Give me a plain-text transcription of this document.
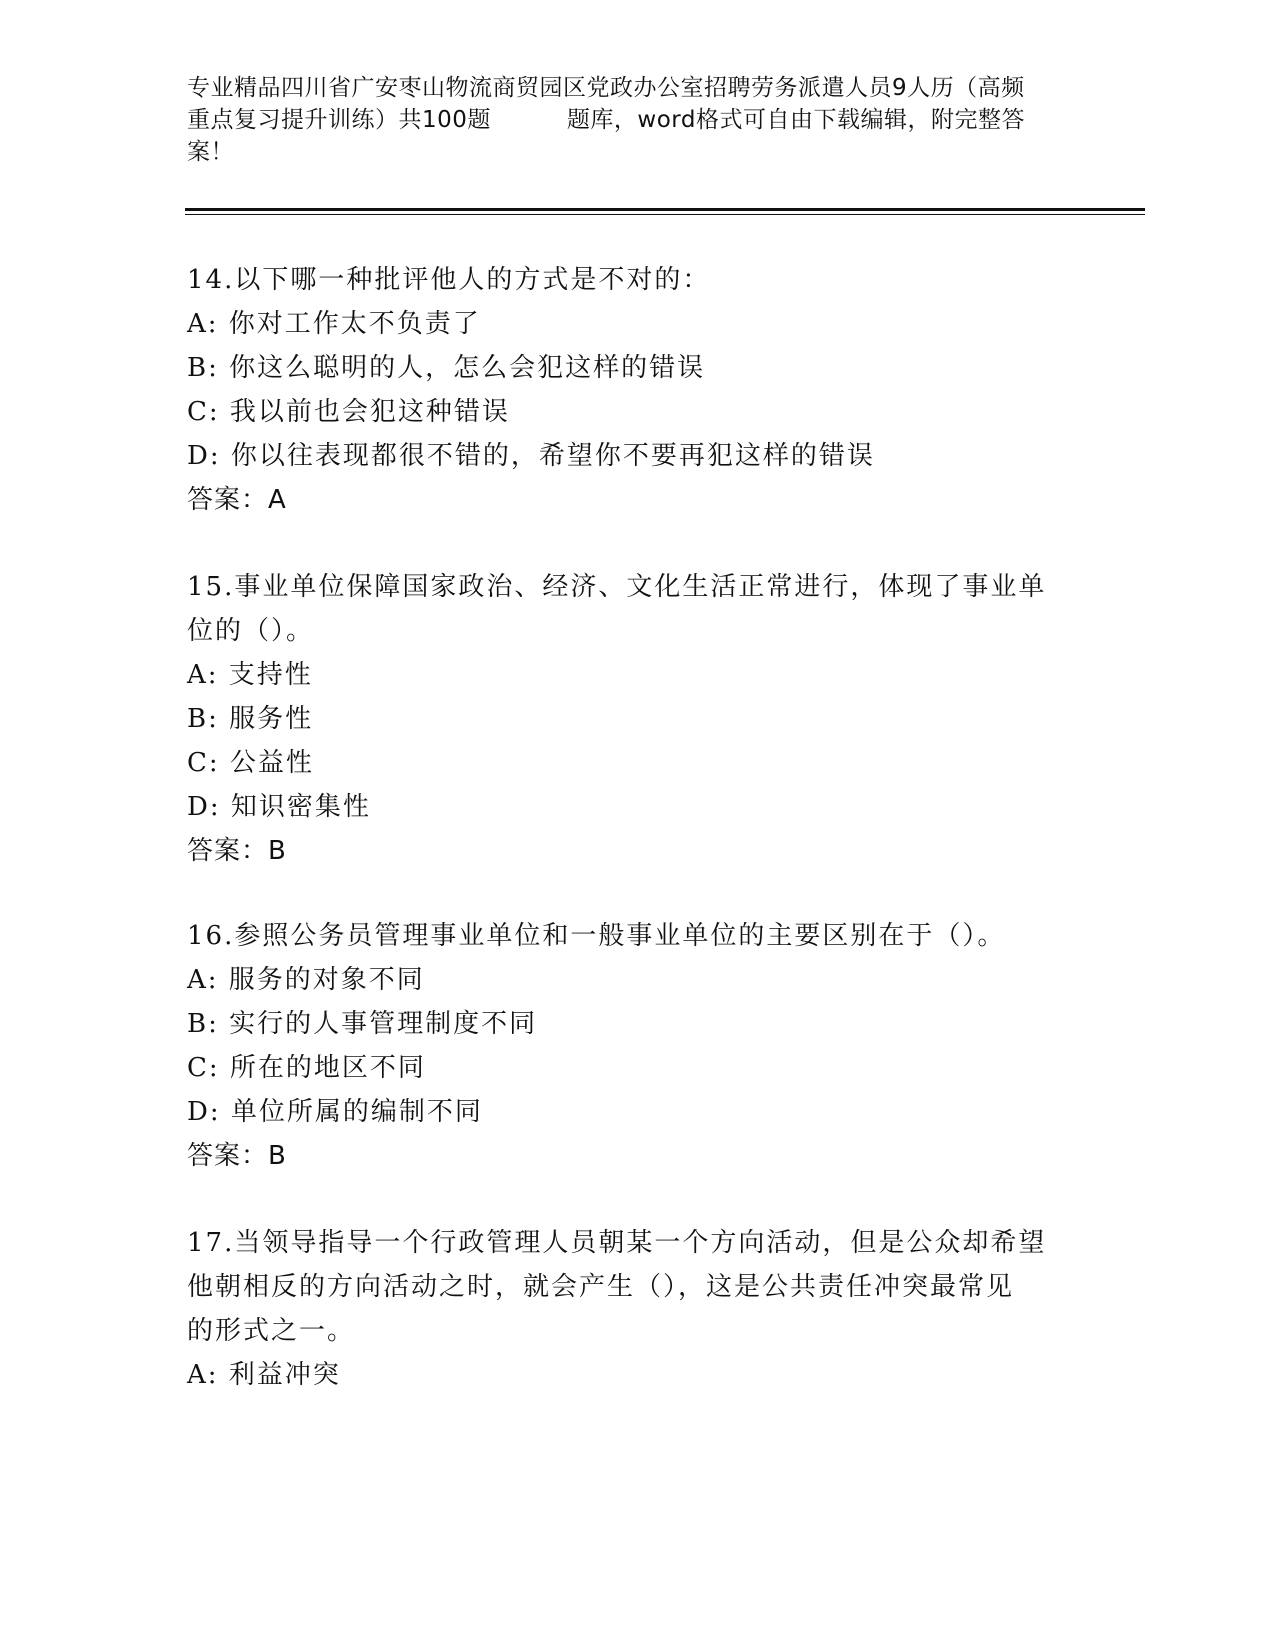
专业精品四川省广安枣山物流商贸园区党政办公室招聘劳务派遣人员9人历（高频
重点复习提升训练）共100题	题库，word格式可自由下载编辑，附完整答
案！
14.以下哪一种批评他人的方式是不对的：
A: 你对工作太不负责了
B: 你这么聪明的人，怎么会犯这样的错误
C: 我以前也会犯这种错误
D: 你以往表现都很不错的，希望你不要再犯这样的错误
答案：A
15.事业单位保障国家政治、经济、文化生活正常进行，体现了事业单
位的（）。
A: 支持性
B: 服务性
C: 公益性
D: 知识密集性
答案：B
16.参照公务员管理事业单位和一般事业单位的主要区别在于（）。
A: 服务的对象不同
B: 实行的人事管理制度不同
C: 所在的地区不同
D: 单位所属的编制不同
答案：B
17.当领导指导一个行政管理人员朝某一个方向活动，但是公众却希望
他朝相反的方向活动之时，就会产生（），这是公共责任冲突最常见
的形式之一。
A: 利益冲突
